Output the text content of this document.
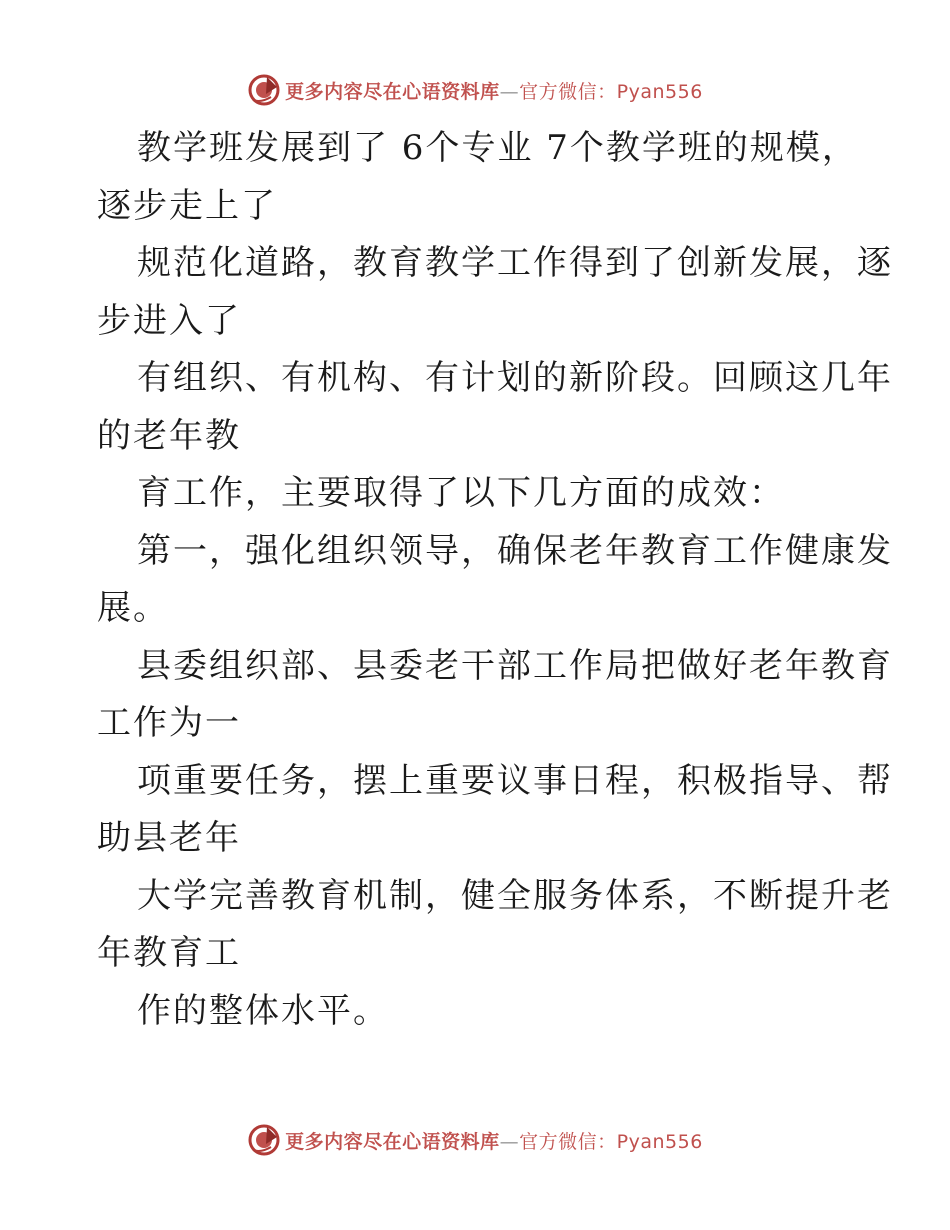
更多内容尽在心语资料库—官方微信：Pyan556
教学班发展到了 6个专业 7个教学班的规模，
逐步走上了
规范化道路，教育教学工作得到了创新发展，逐
步进入了
有组织、有机构、有计划的新阶段。回顾这几年
的老年教
育工作，主要取得了以下几方面的成效：
第一，强化组织领导，确保老年教育工作健康发
展。
县委组织部、县委老干部工作局把做好老年教育
工作为一
项重要任务，摆上重要议事日程，积极指导、帮
助县老年
大学完善教育机制，健全服务体系，不断提升老
年教育工
作的整体水平。
更多内容尽在心语资料库—官方微信：Pyan556
